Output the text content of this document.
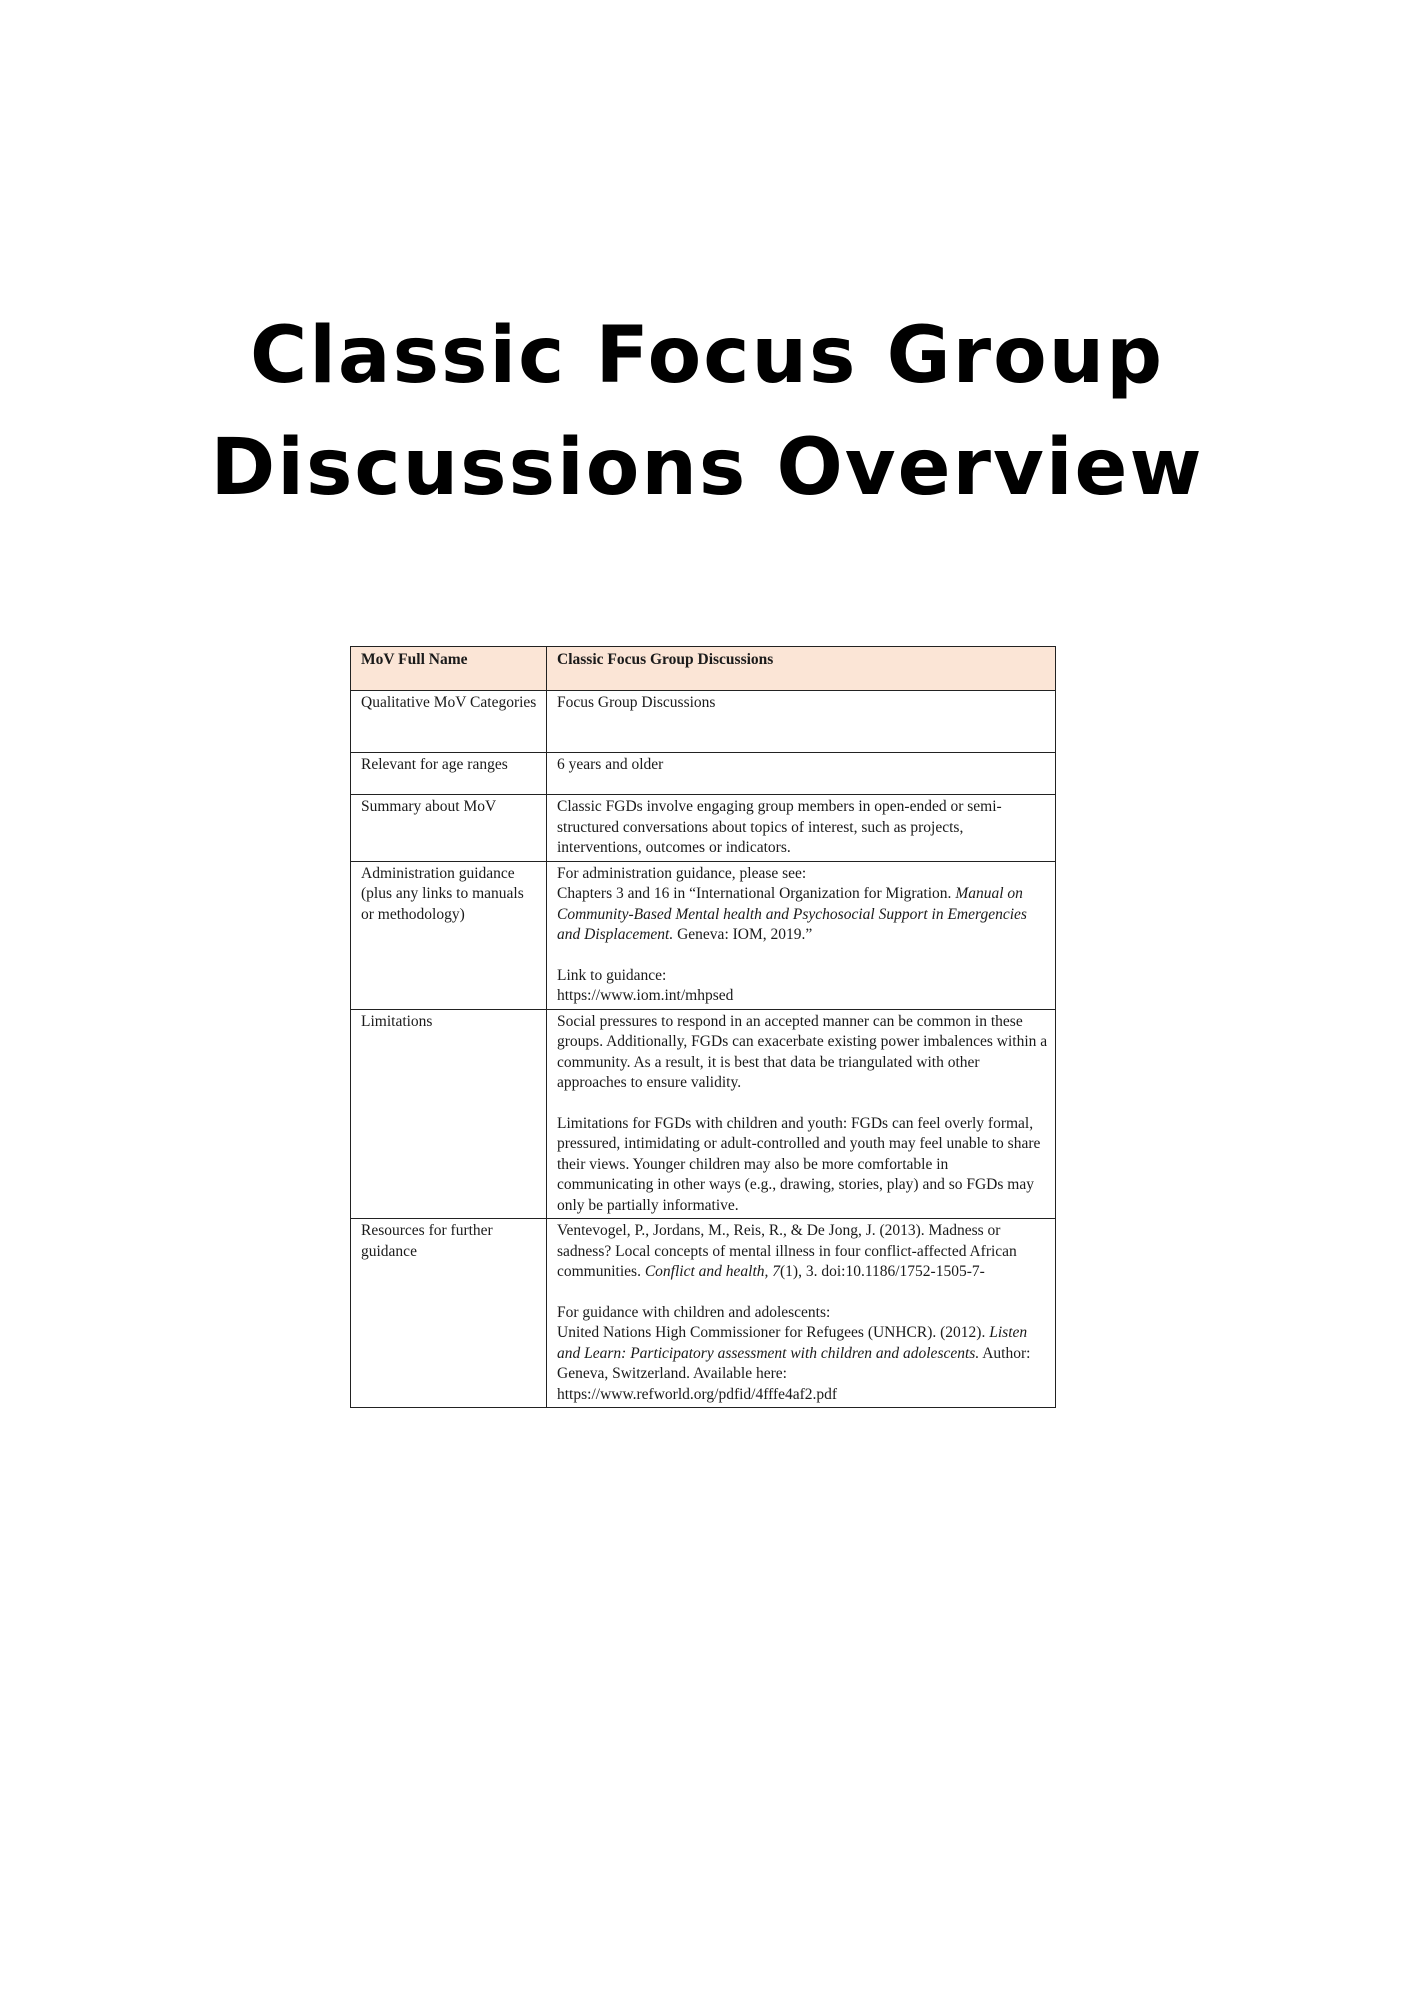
Classic Focus Group
Discussions Overview
MoV Full Name	Classic Focus Group Discussions
Qualitative MoV Categories	Focus Group Discussions
Relevant for age ranges	6 years and older
Summary about MoV	Classic FGDs involve engaging group members in open-ended or semi-structured conversations about topics of interest, such as projects, interventions, outcomes or indicators.
Administration guidance (plus any links to manuals or methodology)	For administration guidance, please see:
Chapters 3 and 16 in “International Organization for Migration. Manual on Community-Based Mental health and Psychosocial Support in Emergencies and Displacement. Geneva: IOM, 2019.”
Link to guidance:
https://www.iom.int/mhpsed

Limitations	Social pressures to respond in an accepted manner can be common in these groups. Additionally, FGDs can exacerbate existing power imbalences within a community. As a result, it is best that data be triangulated with other approaches to ensure validity.
Limitations for FGDs with children and youth: FGDs can feel overly formal, pressured, intimidating or adult-controlled and youth may feel unable to share their views. Younger children may also be more comfortable in communicating in other ways (e.g., drawing, stories, play) and so FGDs may only be partially informative.

Resources for further guidance	Ventevogel, P., Jordans, M., Reis, R., & De Jong, J. (2013). Madness or sadness? Local concepts of mental illness in four conflict-affected African communities. Conflict and health, 7(1), 3. doi:10.1186/1752-1505-7-
For guidance with children and adolescents:
United Nations High Commissioner for Refugees (UNHCR). (2012). Listen and Learn: Participatory assessment with children and adolescents. Author: Geneva, Switzerland. Available here:
https://www.refworld.org/pdfid/4fffe4af2.pdf
